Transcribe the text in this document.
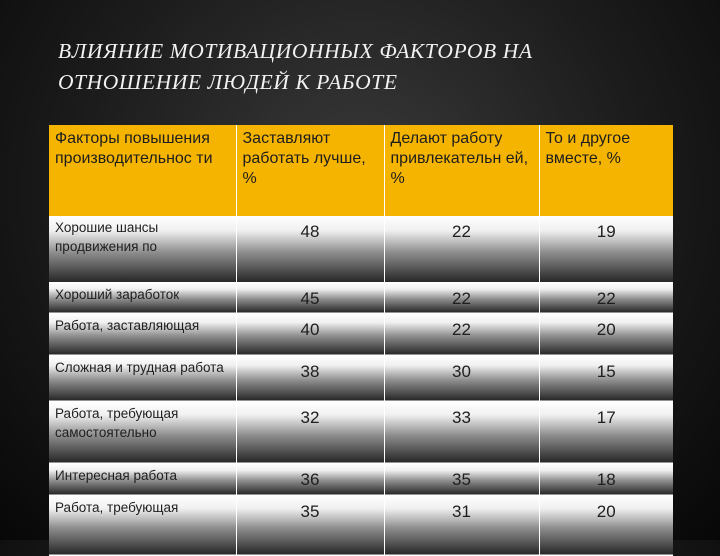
ВЛИЯНИЕ МОТИВАЦИОННЫХ ФАКТОРОВ НА
ОТНОШЕНИЕ ЛЮДЕЙ К РАБОТЕ
Факторы повышения производительнос ти	Заставляют работать лучше, %	Делают работу привлекательн ей, %	То и другое вместе, %
Хорошие шансы продвижения по	48	22	19
Хороший заработок	45	22	22
Работа, заставляющая	40	22	20
Сложная и трудная работа	38	30	15
Работа, требующая самостоятельно	32	33	17
Интересная работа	36	35	18
Работа, требующая	35	31	20
